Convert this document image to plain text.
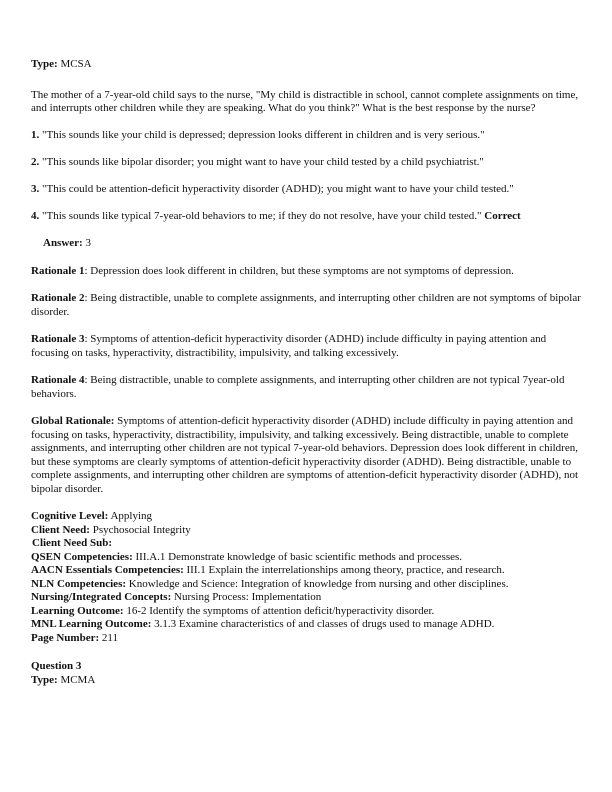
Type: MCSA

The mother of a 7-year-old child says to the nurse, "My child is distractible in school, cannot complete assignments on time, and interrupts other children while they are speaking. What do you think?" What is the best response by the nurse?

1. "This sounds like your child is depressed; depression looks different in children and is very serious."

2. "This sounds like bipolar disorder; you might want to have your child tested by a child psychiatrist."

3. "This could be attention-deficit hyperactivity disorder (ADHD); you might want to have your child tested."

4. "This sounds like typical 7-year-old behaviors to me; if they do not resolve, have your child tested." Correct

Answer: 3

Rationale 1: Depression does look different in children, but these symptoms are not symptoms of depression.

Rationale 2: Being distractible, unable to complete assignments, and interrupting other children are not symptoms of bipolar disorder.

Rationale 3: Symptoms of attention-deficit hyperactivity disorder (ADHD) include difficulty in paying attention and focusing on tasks, hyperactivity, distractibility, impulsivity, and talking excessively.

Rationale 4: Being distractible, unable to complete assignments, and interrupting other children are not typical 7year-old behaviors.

Global Rationale: Symptoms of attention-deficit hyperactivity disorder (ADHD) include difficulty in paying attention and focusing on tasks, hyperactivity, distractibility, impulsivity, and talking excessively. Being distractible, unable to complete assignments, and interrupting other children are not typical 7-year-old behaviors. Depression does look different in children, but these symptoms are clearly symptoms of attention-deficit hyperactivity disorder (ADHD). Being distractible, unable to complete assignments, and interrupting other children are symptoms of attention-deficit hyperactivity disorder (ADHD), not bipolar disorder.

Cognitive Level: Applying

Client Need: Psychosocial Integrity

Client Need Sub:

QSEN Competencies: III.A.1 Demonstrate knowledge of basic scientific methods and processes.

AACN Essentials Competencies: III.1 Explain the interrelationships among theory, practice, and research.

NLN Competencies: Knowledge and Science: Integration of knowledge from nursing and other disciplines.

Nursing/Integrated Concepts: Nursing Process: Implementation

Learning Outcome: 16-2 Identify the symptoms of attention deficit/hyperactivity disorder.

MNL Learning Outcome: 3.1.3 Examine characteristics of and classes of drugs used to manage ADHD.

Page Number: 211

Question 3

Type: MCMA
